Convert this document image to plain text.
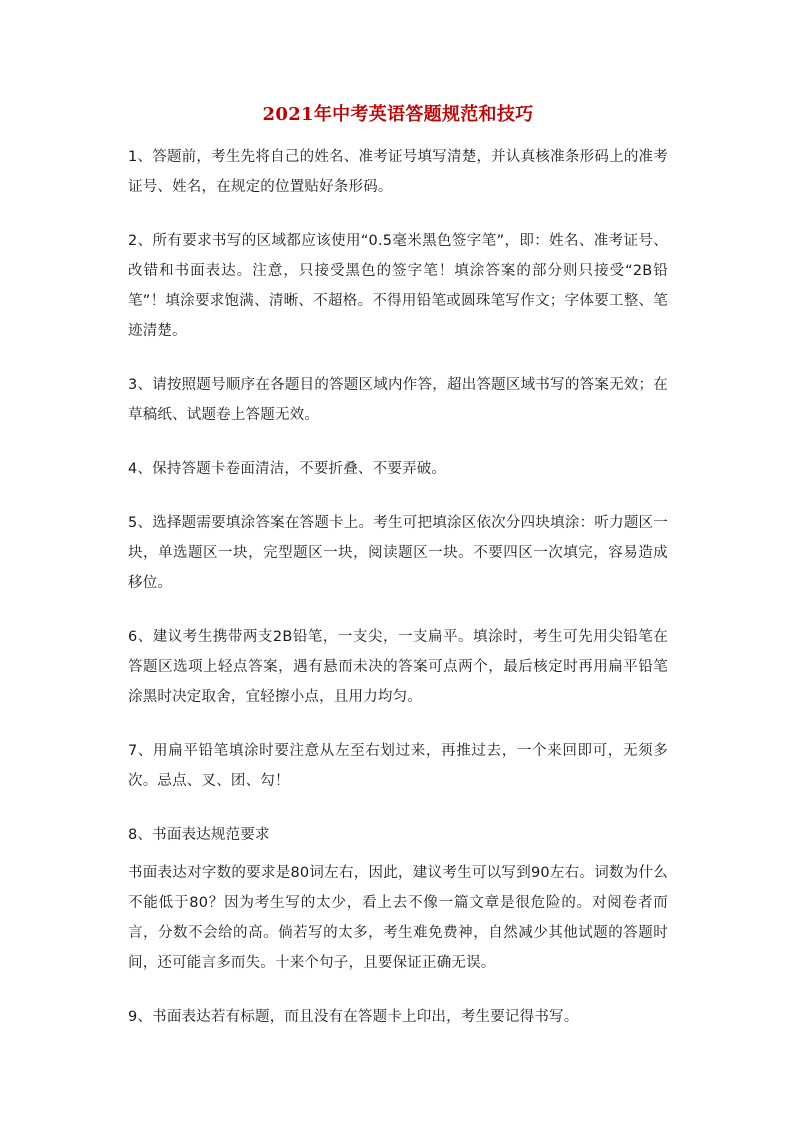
2021年中考英语答题规范和技巧

1、答题前，考生先将自己的姓名、准考证号填写清楚，并认真核准条形码上的准考证号、姓名，在规定的位置贴好条形码。

2、所有要求书写的区域都应该使用“0.5毫米黑色签字笔”，即：姓名、准考证号、改错和书面表达。注意，只接受黑色的签字笔！填涂答案的部分则只接受“2B铅笔”！填涂要求饱满、清晰、不超格。不得用铅笔或圆珠笔写作文；字体要工整、笔迹清楚。

3、请按照题号顺序在各题目的答题区域内作答，超出答题区域书写的答案无效；在草稿纸、试题卷上答题无效。

4、保持答题卡卷面清洁，不要折叠、不要弄破。

5、选择题需要填涂答案在答题卡上。考生可把填涂区依次分四块填涂：听力题区一块，单选题区一块，完型题区一块，阅读题区一块。不要四区一次填完，容易造成移位。

6、建议考生携带两支2B铅笔，一支尖，一支扁平。填涂时，考生可先用尖铅笔在答题区选项上轻点答案，遇有悬而未决的答案可点两个，最后核定时再用扁平铅笔涂黑时决定取舍，宜轻擦小点，且用力均匀。

7、用扁平铅笔填涂时要注意从左至右划过来，再推过去，一个来回即可，无须多次。忌点、叉、团、勾！

8、书面表达规范要求

书面表达对字数的要求是80词左右，因此，建议考生可以写到90左右。词数为什么不能低于80？因为考生写的太少，看上去不像一篇文章是很危险的。对阅卷者而言，分数不会给的高。倘若写的太多，考生难免费神，自然减少其他试题的答题时间，还可能言多而失。十来个句子，且要保证正确无误。

9、书面表达若有标题，而且没有在答题卡上印出，考生要记得书写。
